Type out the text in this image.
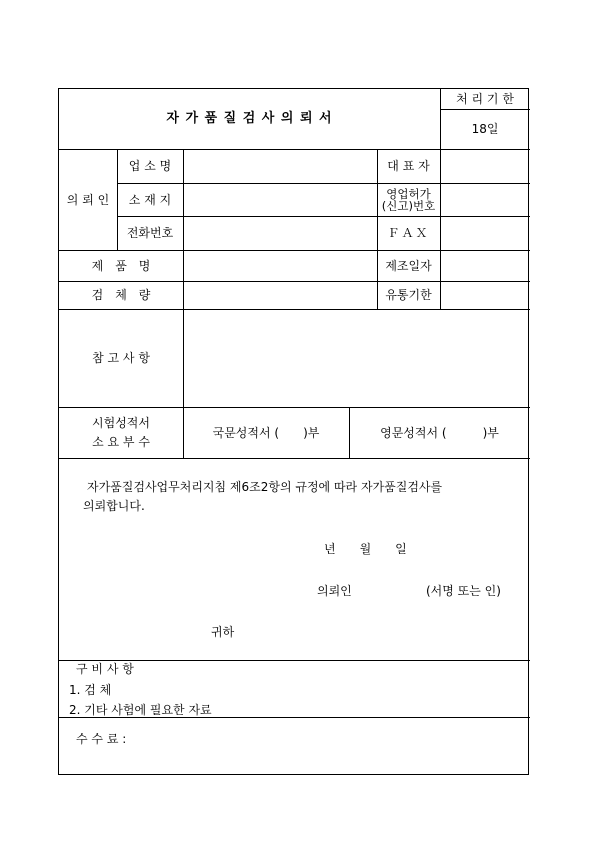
자 가 품 질 검 사 의 뢰 서
처 리 기 한
18일
의 뢰 인
업 소 명
소 재 지
전화번호
대 표 자
영업허가
(신고)번호
ＦＡＸ
제　품　명
검　체　량
제조일자
유통기한
참 고 사 항
시험성적서
소 요 부 수
국문성적서 (　　)부	영문성적서 (　　　)부
자가품질검사업무처리지침 제6조2항의 규정에 따라 자가품질검사를
의뢰합니다.
년　　월　　일
의뢰인	(서명 또는 인)
귀하
구 비 사 항
1. 검 체
2. 기타 사험에 필요한 자료
수 수 료 :
